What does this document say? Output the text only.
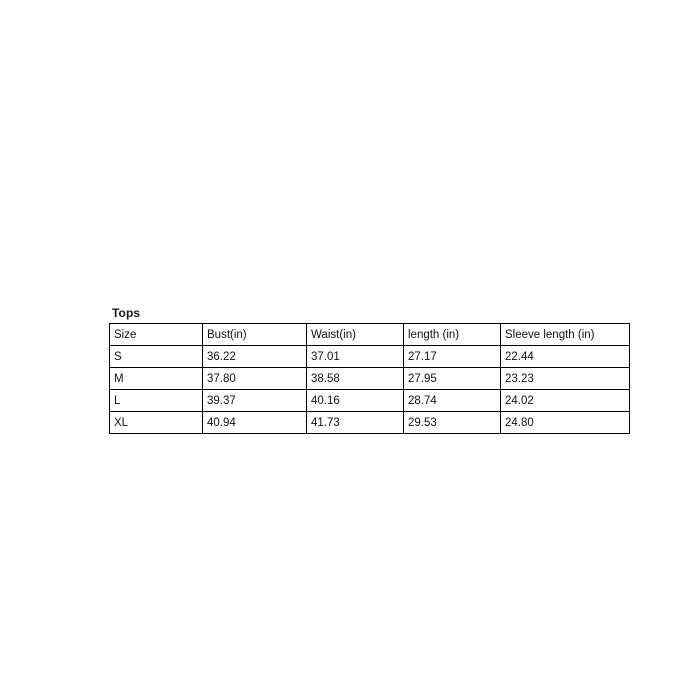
Tops
Size	Bust(in)	Waist(in)	length (in)	Sleeve length (in)
S	36.22	37.01	27.17	22.44
M	37.80	38.58	27.95	23.23
L	39.37	40.16	28.74	24.02
XL	40.94	41.73	29.53	24.80
